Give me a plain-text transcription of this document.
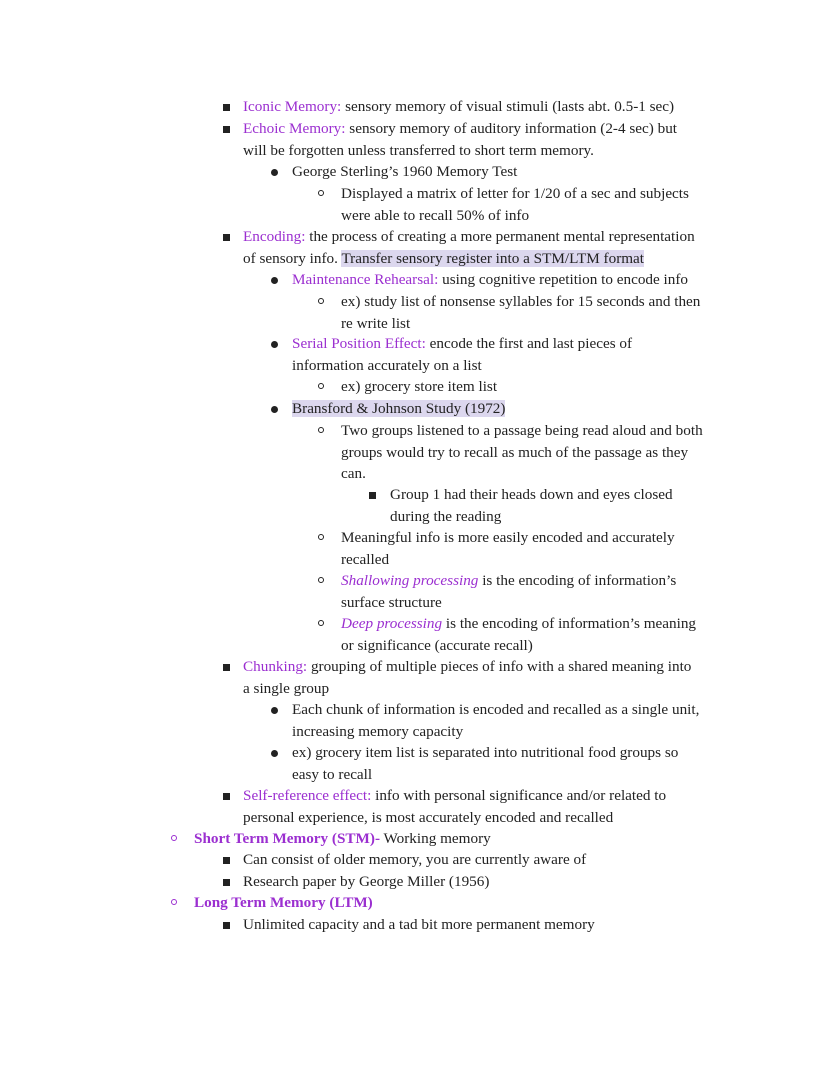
Iconic Memory: sensory memory of visual stimuli (lasts abt. 0.5-1 sec)
Echoic Memory: sensory memory of auditory information (2-4 sec) but
will be forgotten unless transferred to short term memory.
George Sterling’s 1960 Memory Test
Displayed a matrix of letter for 1/20 of a sec and subjects
were able to recall 50% of info
Encoding: the process of creating a more permanent mental representation
of sensory info. Transfer sensory register into a STM/LTM format
Maintenance Rehearsal: using cognitive repetition to encode info
ex) study list of nonsense syllables for 15 seconds and then
re write list
Serial Position Effect: encode the first and last pieces of
information accurately on a list
ex) grocery store item list
Bransford & Johnson Study (1972)
Two groups listened to a passage being read aloud and both
groups would try to recall as much of the passage as they
can.
Group 1 had their heads down and eyes closed
during the reading
Meaningful info is more easily encoded and accurately
recalled
Shallowing processing is the encoding of information’s
surface structure
Deep processing is the encoding of information’s meaning
or significance (accurate recall)
Chunking: grouping of multiple pieces of info with a shared meaning into
a single group
Each chunk of information is encoded and recalled as a single unit,
increasing memory capacity
ex) grocery item list is separated into nutritional food groups so
easy to recall
Self-reference effect: info with personal significance and/or related to
personal experience, is most accurately encoded and recalled
Short Term Memory (STM)- Working memory
Can consist of older memory, you are currently aware of
Research paper by George Miller (1956)
Long Term Memory (LTM)
Unlimited capacity and a tad bit more permanent memory
